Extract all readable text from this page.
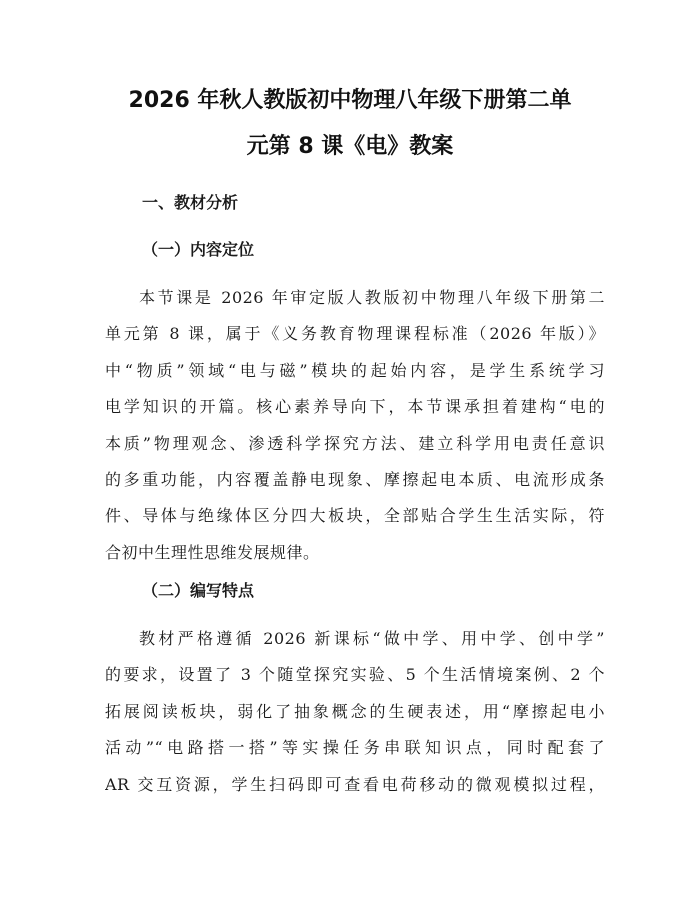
2026 年秋人教版初中物理八年级下册第二单
元第 8 课《电》教案
一、教材分析
（一）内容定位
本节课是 2026 年审定版人教版初中物理八年级下册第二
单元第 8 课，属于《义务教育物理课程标准（2026 年版）》
中“物质”领域“电与磁”模块的起始内容，是学生系统学习
电学知识的开篇。核心素养导向下，本节课承担着建构“电的
本质”物理观念、渗透科学探究方法、建立科学用电责任意识
的多重功能，内容覆盖静电现象、摩擦起电本质、电流形成条
件、导体与绝缘体区分四大板块，全部贴合学生生活实际，符
合初中生理性思维发展规律。
（二）编写特点
教材严格遵循 2026 新课标“做中学、用中学、创中学”
的要求，设置了 3 个随堂探究实验、5 个生活情境案例、2 个
拓展阅读板块，弱化了抽象概念的生硬表述，用“摩擦起电小
活动”“电路搭一搭”等实操任务串联知识点，同时配套了
AR 交互资源，学生扫码即可查看电荷移动的微观模拟过程，
